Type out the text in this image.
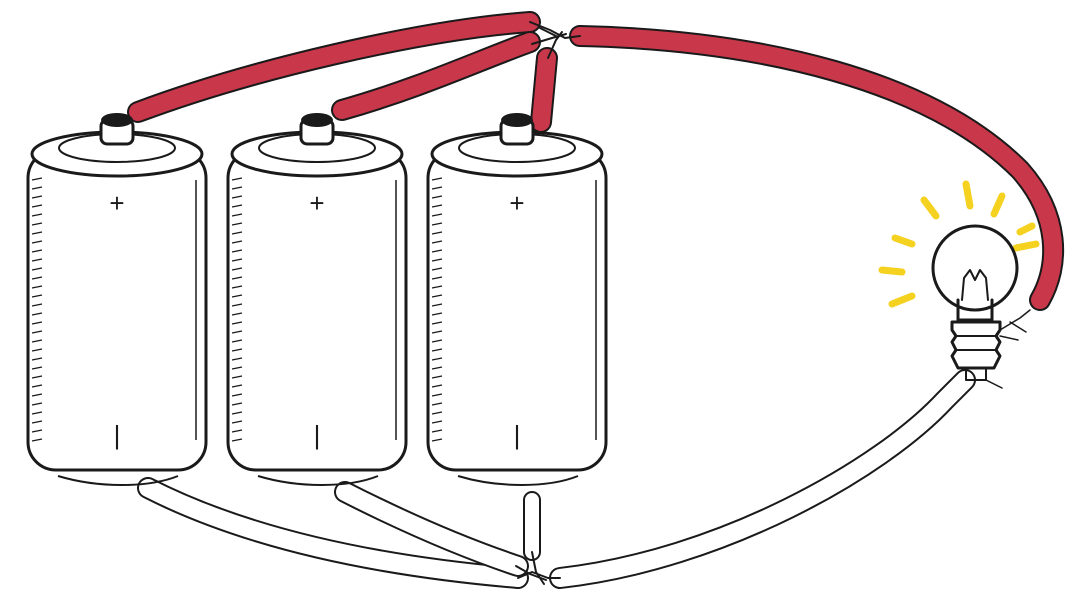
+
|
+
|
+
|
